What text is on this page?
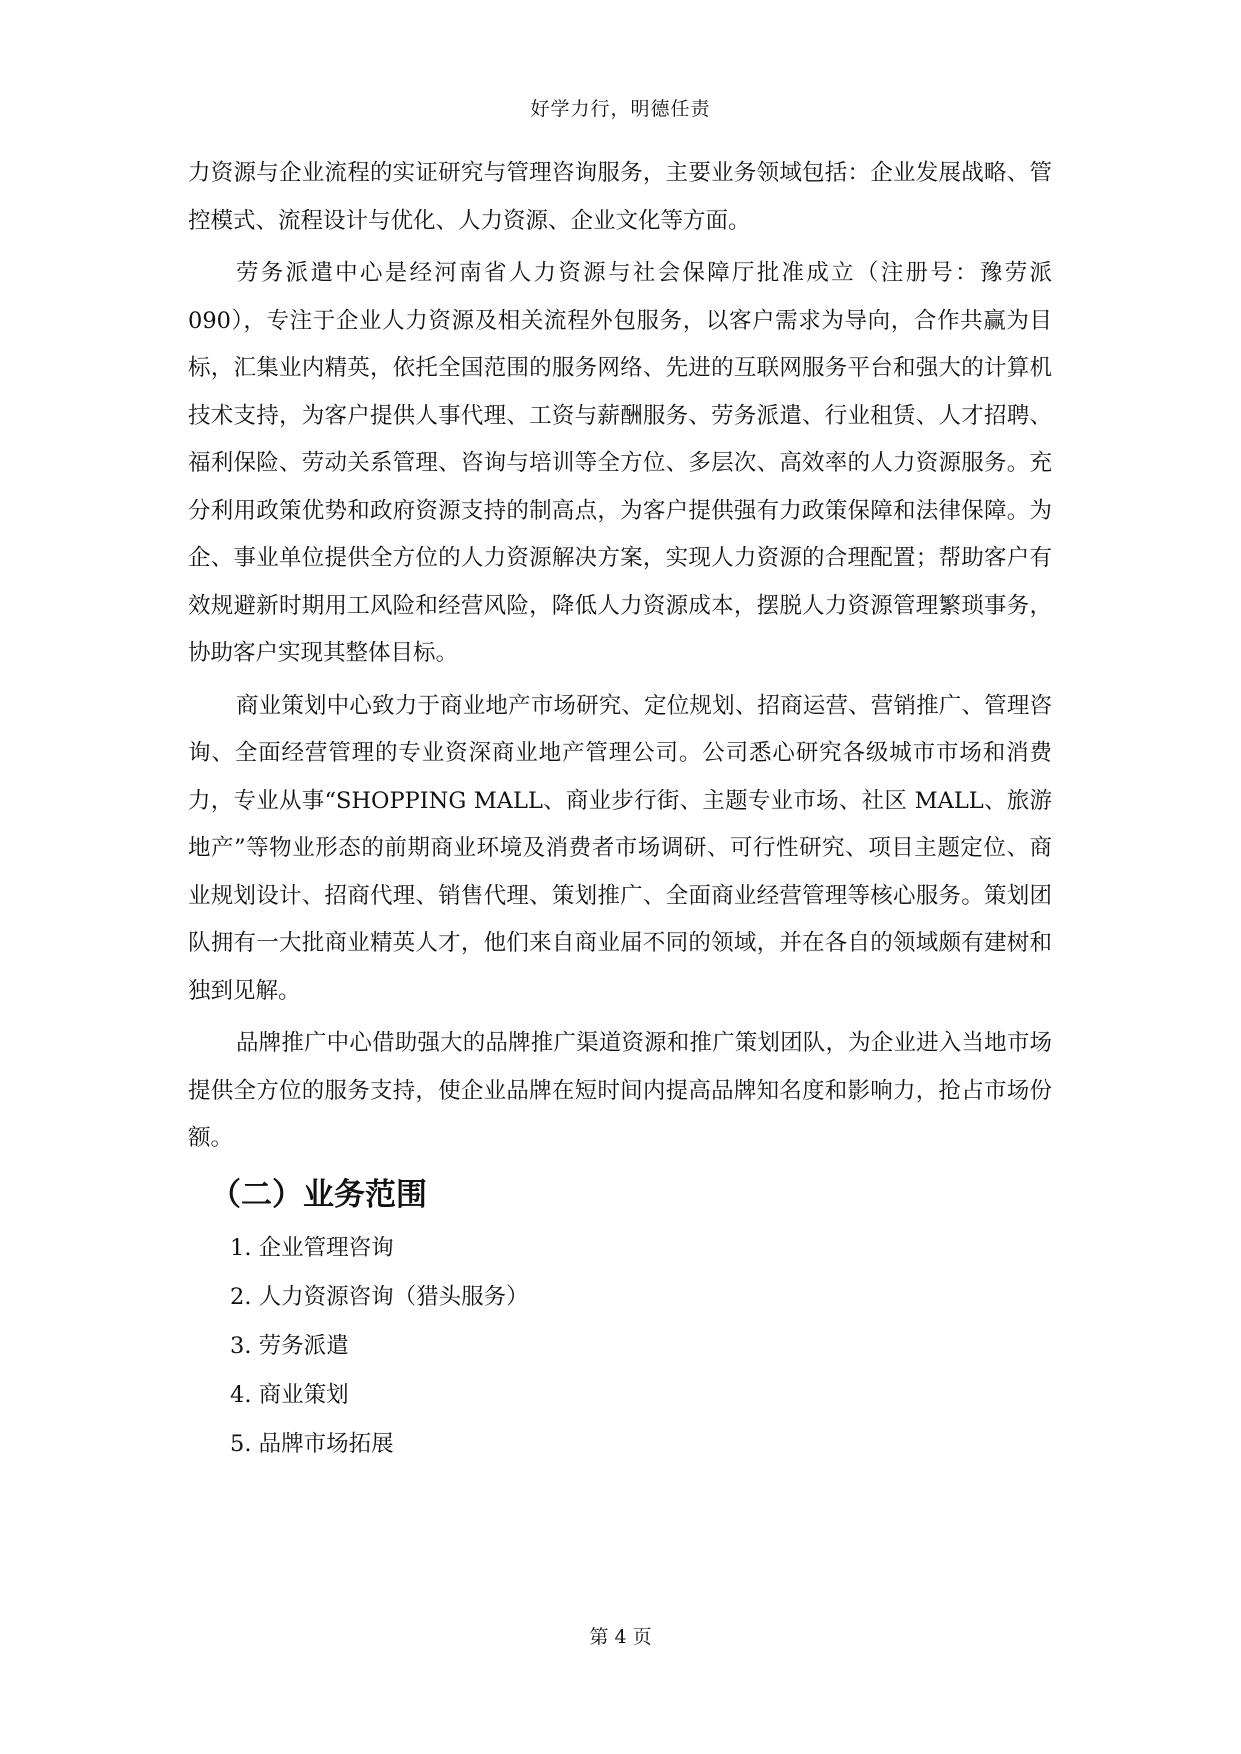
好学力行，明德任责

力资源与企业流程的实证研究与管理咨询服务，主要业务领域包括：企业发展战略、管控模式、流程设计与优化、人力资源、企业文化等方面。

劳务派遣中心是经河南省人力资源与社会保障厅批准成立（注册号：豫劳派090），专注于企业人力资源及相关流程外包服务，以客户需求为导向，合作共赢为目标，汇集业内精英，依托全国范围的服务网络、先进的互联网服务平台和强大的计算机技术支持，为客户提供人事代理、工资与薪酬服务、劳务派遣、行业租赁、人才招聘、福利保险、劳动关系管理、咨询与培训等全方位、多层次、高效率的人力资源服务。充分利用政策优势和政府资源支持的制高点，为客户提供强有力政策保障和法律保障。为企、事业单位提供全方位的人力资源解决方案，实现人力资源的合理配置；帮助客户有效规避新时期用工风险和经营风险，降低人力资源成本，摆脱人力资源管理繁琐事务，协助客户实现其整体目标。

商业策划中心致力于商业地产市场研究、定位规划、招商运营、营销推广、管理咨询、全面经营管理的专业资深商业地产管理公司。公司悉心研究各级城市市场和消费力，专业从事“SHOPPING MALL、商业步行街、主题专业市场、社区 MALL、旅游地产”等物业形态的前期商业环境及消费者市场调研、可行性研究、项目主题定位、商业规划设计、招商代理、销售代理、策划推广、全面商业经营管理等核心服务。策划团队拥有一大批商业精英人才，他们来自商业届不同的领域，并在各自的领域颇有建树和独到见解。

品牌推广中心借助强大的品牌推广渠道资源和推广策划团队，为企业进入当地市场提供全方位的服务支持，使企业品牌在短时间内提高品牌知名度和影响力，抢占市场份额。

（二）业务范围
1. 企业管理咨询
2. 人力资源咨询（猎头服务）
3. 劳务派遣
4. 商业策划
5. 品牌市场拓展
第 4 页
